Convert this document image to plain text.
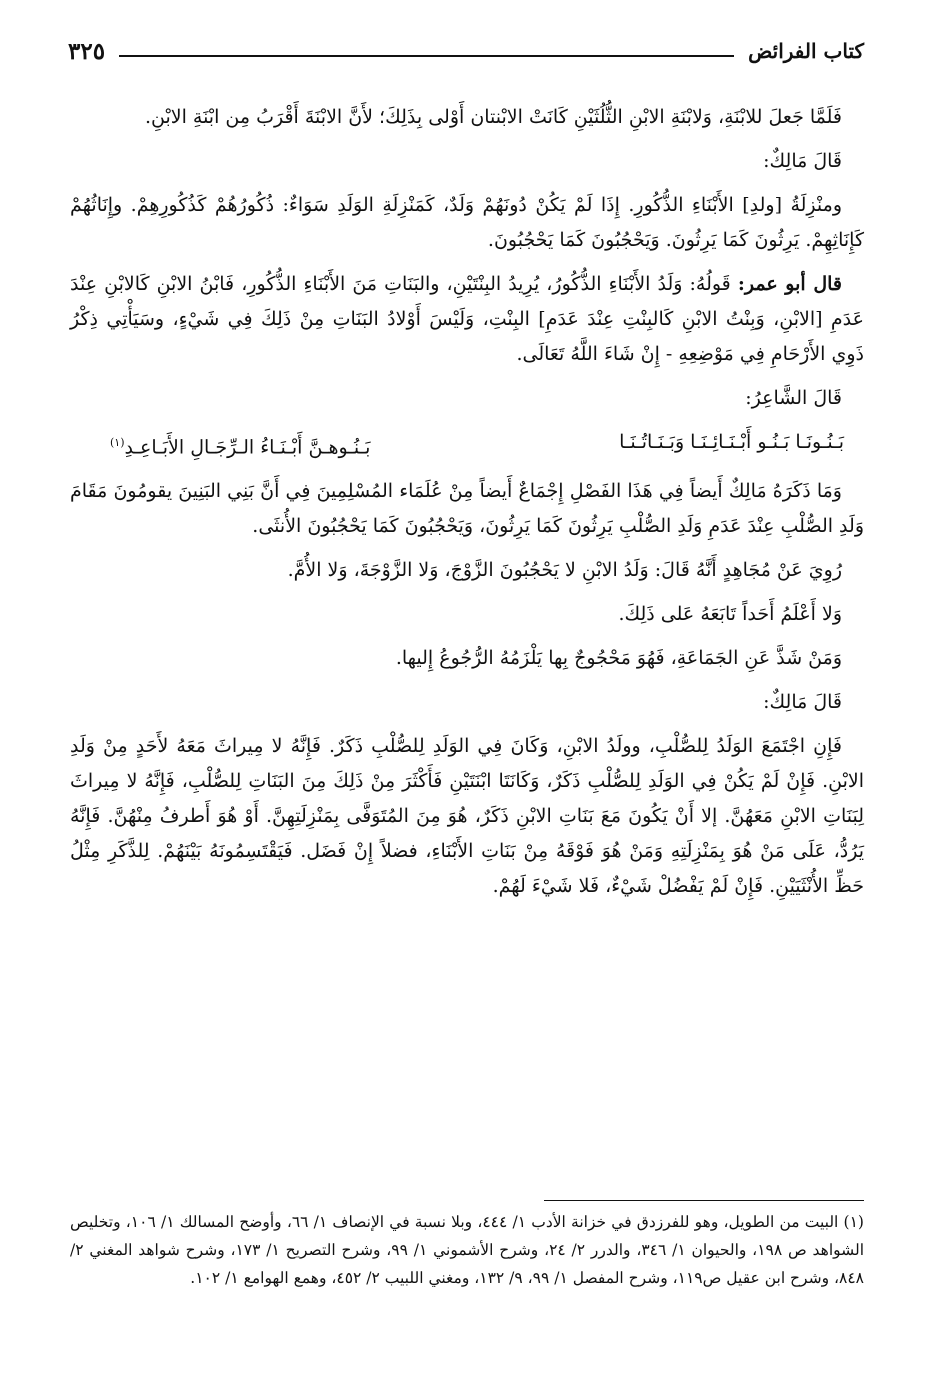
كتاب الفرائض
٣٢٥

فَلَمَّا جَعلَ للابْنَةِ، وَلابْنَةِ الابْنِ الثُّلُثَيْنِ كَانَتْ الابْنتان أَوْلى بِذَلِكَ؛ لأَنَّ الابْنَةَ أَقْرَبُ مِن ابْنَةِ الابْنِ.

قَالَ مَالِكٌ:

ومنْزِلَةُ [ولدِ] الأَبْنَاءِ الذُّكُورِ. إِذَا لَمْ يَكُنْ دُونَهُمْ وَلَدٌ، كَمَنْزِلَةِ الوَلَدِ سَوَاءٌ: ذُكُورُهُمْ كَذُكُورِهِمْ. وإِنَاثُهُمْ كَإِنَاثِهِمْ. يَرِثُونَ كَمَا يَرِثُونَ. وَيَحْجُبُونَ كَمَا يَحْجُبُونَ.

قال أبو عمر: قَولُهُ: وَلَدُ الأَبْنَاءِ الذُّكُورُ، يُرِيدُ البِنْتَيْنِ، والبَنَاتِ مَنَ الأَبْنَاءِ الذُّكُورِ، فَابْنُ الابْنِ كَالابْنِ عِنْدَ عَدَمِ [الابْنِ، وَبِنْتُ الابْنِ كَالبِنْتِ عِنْدَ عَدَمِ] البِنْتِ، وَلَيْسَ أَوْلادُ البَنَاتِ مِنْ ذَلِكَ فِي شَيْءٍ، وسَيَأْتِي ذِكْرُ ذَوِي الأَرْحَامِ فِي مَوْضِعِهِ - إِنْ شَاءَ اللَّهُ تَعَالَى.

قَالَ الشَّاعِرُ:

بَـنُـونَـا بَـنُـو أَبْـنَـائِـنَـا وَبَـنَـاتُـنَـا
بَـنُـوهـنَّ أَبْـنَـاءُ الـرِّجَـالِ الأَبَـاعِـدِ$^{(١)}$

وَمَا ذَكَرَهُ مَالِكٌ أَيضاً فِي هَذَا الفَصْلِ إِجْمَاعٌ أَيضاً مِنْ عُلَمَاء المُسْلِمِينَ فِي أَنَّ بَنِي البَنِينَ يقومُونَ مَقَامَ وَلَدِ الصُّلْبِ عِنْدَ عَدَمِ وَلَدِ الصُّلْبِ يَرِثُونَ كَمَا يَرِثُونَ، وَيَحْجُبُونَ كَمَا يَحْجُبُونَ الأُنثَى.

رُوِيَ عَنْ مُجَاهِدٍ أَنَّهُ قَالَ: وَلَدُ الابْنِ لا يَحْجُبُونَ الزَّوْجَ، وَلا الزَّوْجَةَ، وَلا الأُمَّ.

وَلا أَعْلَمُ أَحَداً تَابَعَهُ عَلى ذَلِكَ.

وَمَنْ شَذَّ عَنِ الجَمَاعَةِ، فَهُوَ مَحْجُوجٌ بِها يَلْزَمُهُ الرُّجُوعُ إِليها.

قَالَ مَالِكٌ:

فَإِنِ اجْتَمَعَ الوَلَدُ لِلصُّلْبِ، وولَدُ الابْنِ، وَكَانَ فِي الوَلَدِ لِلصُّلْبِ ذَكَرٌ. فَإِنَّهُ لا مِيراثَ مَعَهُ لأَحَدٍ مِنْ وَلَدِ الابْنِ. فَإِنْ لَمْ يَكُنْ فِي الوَلَدِ لِلصُّلْبِ ذَكَرٌ، وَكَانَتَا ابْنَتَيْنِ فَأَكْثَرَ مِنْ ذَلِكَ مِنَ البَنَاتِ لِلصُّلْبِ، فَإِنَّهُ لا مِيراثَ لِبَنَاتِ الابْنِ مَعَهُنَّ. إلا أَنْ يَكُونَ مَعَ بَنَاتِ الابْنِ ذَكَرٌ، هُوَ مِنَ المُتَوَفَّى بِمَنْزِلَتِهِنَّ. أَوْ هُوَ أَطرفُ مِنْهُنَّ. فَإِنَّهُ يَرُدُّ، عَلَى مَنْ هُوَ بِمَنْزِلَتِهِ وَمَنْ هُوَ فَوْقَهُ مِنْ بَنَاتِ الأَبْنَاءِ، فضلاً إِنْ فَضَل. فَيَقْتَسِمُونَهُ بَيْنَهُمْ. لِلذَّكَرِ مِثْلُ حَظِّ الأُنْثَيَيْنِ. فَإِنْ لَمْ يَفْضُلْ شَيْءٌ، فَلا شَيْءَ لَهُمْ.

(١) البيت من الطويل، وهو للفرزدق في خزانة الأدب ١/ ٤٤٤، وبلا نسبة في الإنصاف ١/ ٦٦، وأوضح المسالك ١/ ١٠٦، وتخليص الشواهد ص ١٩٨، والحيوان ١/ ٣٤٦، والدرر ٢/ ٢٤، وشرح الأشموني ١/ ٩٩، وشرح التصريح ١/ ١٧٣، وشرح شواهد المغني ٢/ ٨٤٨، وشرح ابن عقيل ص١١٩، وشرح المفصل ١/ ٩٩، ٩/ ١٣٢، ومغني اللبيب ٢/ ٤٥٢، وهمع الهوامع ١/ ١٠٢.
